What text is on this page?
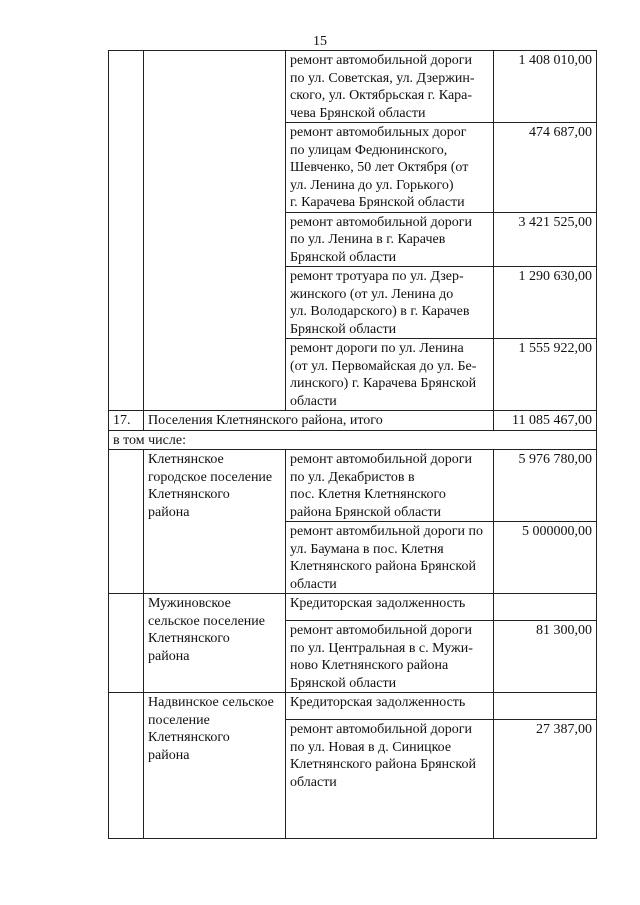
15
		ремонт автомобильной дороги
по ул. Советская, ул. Дзержин-
ского, ул. Октябрьская г. Кара-
чева Брянской области	1 408 010,00
		ремонт автомобильных дорог
по улицам Федюнинского,
Шевченко, 50 лет Октября (от
ул. Ленина до ул. Горького)
г. Карачева Брянской области	474 687,00
		ремонт автомобильной дороги
по ул. Ленина в г. Карачев
Брянской области	3 421 525,00
		ремонт тротуара по ул. Дзер-
жинского (от ул. Ленина до
ул. Володарского) в г. Карачев
Брянской области	1 290 630,00
		ремонт дороги по ул. Ленина
(от ул. Первомайская до ул. Бе-
линского) г. Карачева Брянской
области	1 555 922,00
17.	Поселения Клетнянского района, итого		11 085 467,00
в том числе:			
	Клетнянское
городское поселение
Клетнянского
района	ремонт автомобильной дороги
по ул. Декабристов в
пос. Клетня Клетнянского
района Брянской области	5 976 780,00
		ремонт автомбильной дороги по
ул. Баумана в пос. Клетня
Клетнянского района Брянской
области	5 000000,00
	Мужиновское
сельское поселение
Клетнянского
района	Кредиторская задолженность	
		ремонт автомобильной дороги
по ул. Центральная в с. Мужи-
ново Клетнянского района
Брянской области	81 300,00
	Надвинское сельское
поселение
Клетнянского
района	Кредиторская задолженность	
		ремонт автомобильной дороги
по ул. Новая в д. Синицкое
Клетнянского района Брянской
области	27 387,00
